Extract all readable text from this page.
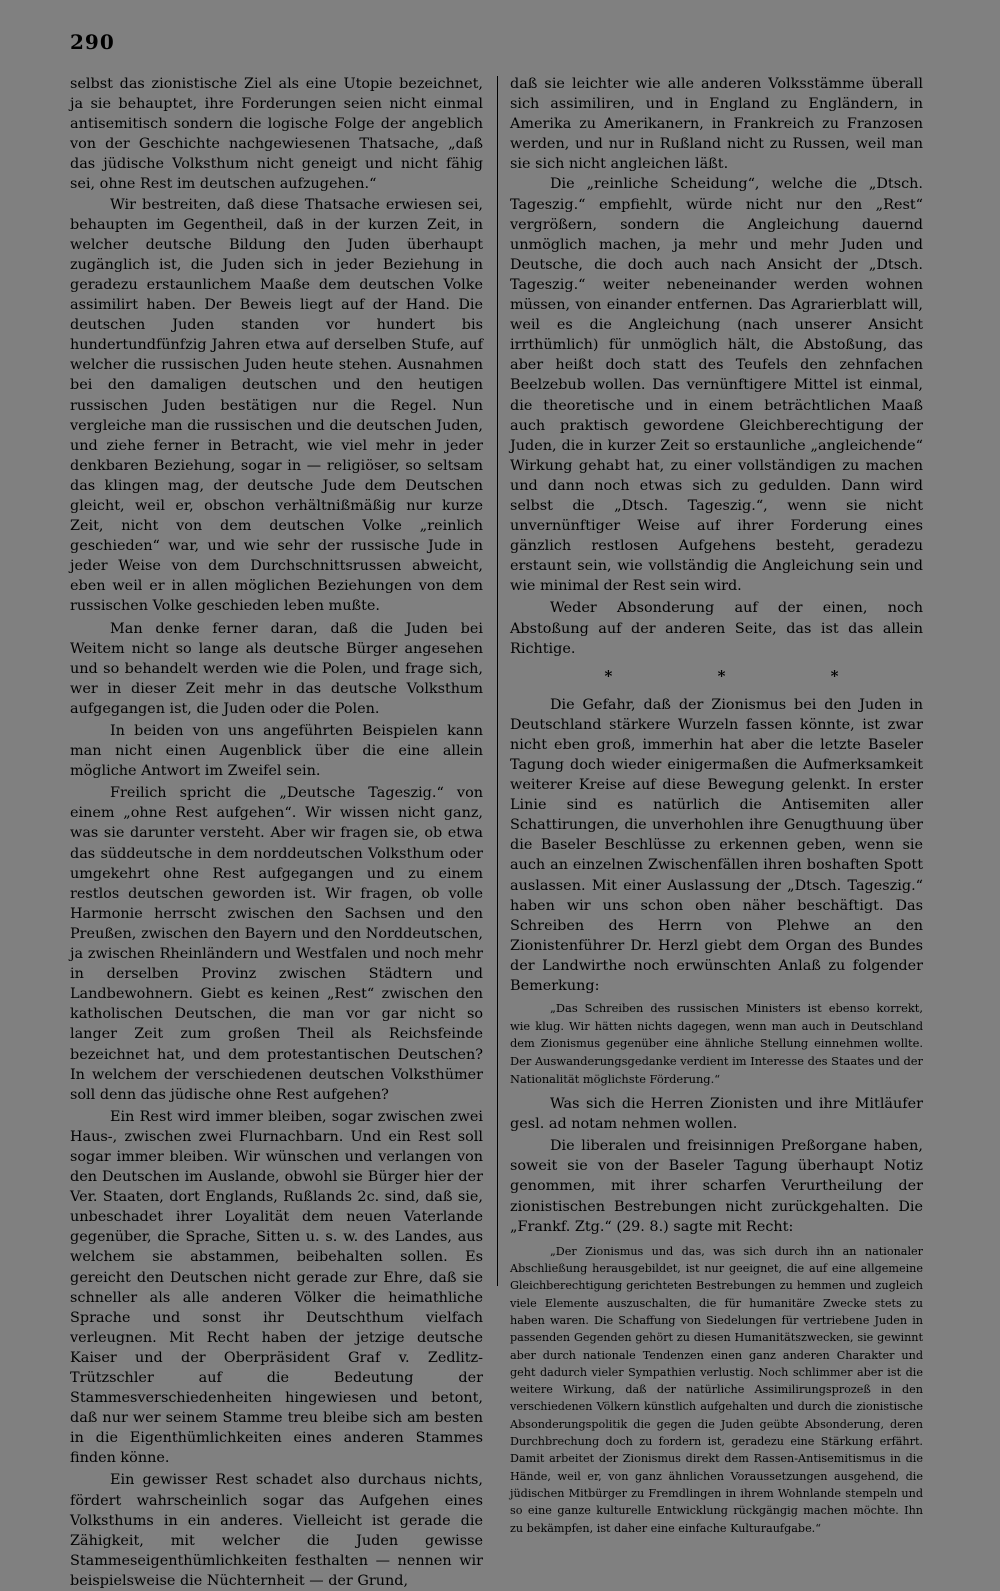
290

selbst das zionistische Ziel als eine Utopie bezeichnet, ja sie behauptet, ihre Forderungen seien nicht einmal antisemitisch sondern die logische Folge der angeblich von der Geschichte nachgewiesenen Thatsache, „daß das jüdische Volksthum nicht geneigt und nicht fähig sei, ohne Rest im deutschen aufzugehen.“

Wir bestreiten, daß diese Thatsache erwiesen sei, behaupten im Gegentheil, daß in der kurzen Zeit, in welcher deutsche Bildung den Juden überhaupt zugänglich ist, die Juden sich in jeder Beziehung in geradezu erstaunlichem Maaße dem deutschen Volke assimilirt haben. Der Beweis liegt auf der Hand. Die deutschen Juden standen vor hundert bis hundertundfünfzig Jahren etwa auf derselben Stufe, auf welcher die russischen Juden heute stehen. Ausnahmen bei den damaligen deutschen und den heutigen russischen Juden bestätigen nur die Regel. Nun vergleiche man die russischen und die deutschen Juden, und ziehe ferner in Betracht, wie viel mehr in jeder denkbaren Beziehung, sogar in — religiöser, so seltsam das klingen mag, der deutsche Jude dem Deutschen gleicht, weil er, obschon verhältnißmäßig nur kurze Zeit, nicht von dem deutschen Volke „reinlich geschieden“ war, und wie sehr der russische Jude in jeder Weise von dem Durchschnittsrussen abweicht, eben weil er in allen möglichen Beziehungen von dem russischen Volke geschieden leben mußte.

Man denke ferner daran, daß die Juden bei Weitem nicht so lange als deutsche Bürger angesehen und so behandelt werden wie die Polen, und frage sich, wer in dieser Zeit mehr in das deutsche Volksthum aufgegangen ist, die Juden oder die Polen.

In beiden von uns angeführten Beispielen kann man nicht einen Augenblick über die eine allein mögliche Antwort im Zweifel sein.

Freilich spricht die „Deutsche Tageszig.“ von einem „ohne Rest aufgehen“. Wir wissen nicht ganz, was sie darunter versteht. Aber wir fragen sie, ob etwa das süddeutsche in dem norddeutschen Volksthum oder umgekehrt ohne Rest aufgegangen und zu einem restlos deutschen geworden ist. Wir fragen, ob volle Harmonie herrscht zwischen den Sachsen und den Preußen, zwischen den Bayern und den Norddeutschen, ja zwischen Rheinländern und Westfalen und noch mehr in derselben Provinz zwischen Städtern und Landbewohnern. Giebt es keinen „Rest“ zwischen den katholischen Deutschen, die man vor gar nicht so langer Zeit zum großen Theil als Reichsfeinde bezeichnet hat, und dem protestantischen Deutschen? In welchem der verschiedenen deutschen Volksthümer soll denn das jüdische ohne Rest aufgehen?

Ein Rest wird immer bleiben, sogar zwischen zwei Haus-, zwischen zwei Flurnachbarn. Und ein Rest soll sogar immer bleiben. Wir wünschen und verlangen von den Deutschen im Auslande, obwohl sie Bürger hier der Ver. Staaten, dort Englands, Rußlands 2c. sind, daß sie, unbeschadet ihrer Loyalität dem neuen Vaterlande gegenüber, die Sprache, Sitten u. s. w. des Landes, aus welchem sie abstammen, beibehalten sollen. Es gereicht den Deutschen nicht gerade zur Ehre, daß sie schneller als alle anderen Völker die heimathliche Sprache und sonst ihr Deutschthum vielfach verleugnen. Mit Recht haben der jetzige deutsche Kaiser und der Oberpräsident Graf v. Zedlitz-Trützschler auf die Bedeutung der Stammesverschiedenheiten hingewiesen und betont, daß nur wer seinem Stamme treu bleibe sich am besten in die Eigenthümlichkeiten eines anderen Stammes finden könne.

Ein gewisser Rest schadet also durchaus nichts, fördert wahrscheinlich sogar das Aufgehen eines Volksthums in ein anderes. Vielleicht ist gerade die Zähigkeit, mit welcher die Juden gewisse Stammeseigenthümlichkeiten festhalten — nennen wir beispielsweise die Nüchternheit — der Grund,

daß sie leichter wie alle anderen Volksstämme überall sich assimiliren, und in England zu Engländern, in Amerika zu Amerikanern, in Frankreich zu Franzosen werden, und nur in Rußland nicht zu Russen, weil man sie sich nicht angleichen läßt.

Die „reinliche Scheidung“, welche die „Dtsch. Tageszig.“ empfiehlt, würde nicht nur den „Rest“ vergrößern, sondern die Angleichung dauernd unmöglich machen, ja mehr und mehr Juden und Deutsche, die doch auch nach Ansicht der „Dtsch. Tageszig.“ weiter nebeneinander werden wohnen müssen, von einander entfernen. Das Agrarierblatt will, weil es die Angleichung (nach unserer Ansicht irrthümlich) für unmöglich hält, die Abstoßung, das aber heißt doch statt des Teufels den zehnfachen Beelzebub wollen. Das vernünftigere Mittel ist einmal, die theoretische und in einem beträchtlichen Maaß auch praktisch gewordene Gleichberechtigung der Juden, die in kurzer Zeit so erstaunliche „angleichende“ Wirkung gehabt hat, zu einer vollständigen zu machen und dann noch etwas sich zu gedulden. Dann wird selbst die „Dtsch. Tageszig.“, wenn sie nicht unvernünftiger Weise auf ihrer Forderung eines gänzlich restlosen Aufgehens besteht, geradezu erstaunt sein, wie vollständig die Angleichung sein und wie minimal der Rest sein wird.

Weder Absonderung auf der einen, noch Abstoßung auf der anderen Seite, das ist das allein Richtige.

* * *

Die Gefahr, daß der Zionismus bei den Juden in Deutschland stärkere Wurzeln fassen könnte, ist zwar nicht eben groß, immerhin hat aber die letzte Baseler Tagung doch wieder einigermaßen die Aufmerksamkeit weiterer Kreise auf diese Bewegung gelenkt. In erster Linie sind es natürlich die Antisemiten aller Schattirungen, die unverhohlen ihre Genugthuung über die Baseler Beschlüsse zu erkennen geben, wenn sie auch an einzelnen Zwischenfällen ihren boshaften Spott auslassen. Mit einer Auslassung der „Dtsch. Tageszig.“ haben wir uns schon oben näher beschäftigt. Das Schreiben des Herrn von Plehwe an den Zionistenführer Dr. Herzl giebt dem Organ des Bundes der Landwirthe noch erwünschten Anlaß zu folgender Bemerkung:

„Das Schreiben des russischen Ministers ist ebenso korrekt, wie klug. Wir hätten nichts dagegen, wenn man auch in Deutschland dem Zionismus gegenüber eine ähnliche Stellung einnehmen wollte. Der Auswanderungsgedanke verdient im Interesse des Staates und der Nationalität möglichste Förderung.“

Was sich die Herren Zionisten und ihre Mitläufer gesl. ad notam nehmen wollen.

Die liberalen und freisinnigen Preßorgane haben, soweit sie von der Baseler Tagung überhaupt Notiz genommen, mit ihrer scharfen Verurtheilung der zionistischen Bestrebungen nicht zurückgehalten. Die „Frankf. Ztg.“ (29. 8.) sagte mit Recht:

„Der Zionismus und das, was sich durch ihn an nationaler Abschließung herausgebildet, ist nur geeignet, die auf eine allgemeine Gleichberechtigung gerichteten Bestrebungen zu hemmen und zugleich viele Elemente auszuschalten, die für humanitäre Zwecke stets zu haben waren. Die Schaffung von Siedelungen für vertriebene Juden in passenden Gegenden gehört zu diesen Humanitätszwecken, sie gewinnt aber durch nationale Tendenzen einen ganz anderen Charakter und geht dadurch vieler Sympathien verlustig. Noch schlimmer aber ist die weitere Wirkung, daß der natürliche Assimilirungsprozeß in den verschiedenen Völkern künstlich aufgehalten und durch die zionistische Absonderungspolitik die gegen die Juden geübte Absonderung, deren Durchbrechung doch zu fordern ist, geradezu eine Stärkung erfährt. Damit arbeitet der Zionismus direkt dem Rassen-Antisemitismus in die Hände, weil er, von ganz ähnlichen Voraussetzungen ausgehend, die jüdischen Mitbürger zu Fremdlingen in ihrem Wohnlande stempeln und so eine ganze kulturelle Entwicklung rückgängig machen möchte. Ihn zu bekämpfen, ist daher eine einfache Kulturaufgabe.“
